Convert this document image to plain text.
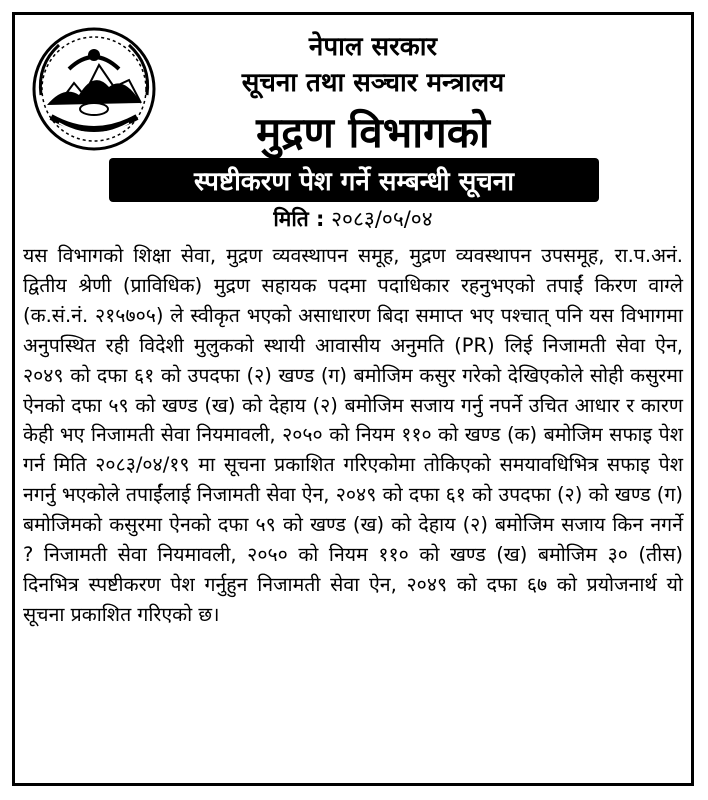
नेपाल सरकार
सूचना तथा सञ्चार मन्त्रालय
मुद्रण विभागको
स्पष्टीकरण पेश गर्ने सम्बन्धी सूचना
मिति : २०८३/०५/०४

यस विभागको शिक्षा सेवा, मुद्रण व्यवस्थापन समूह, मुद्रण व्यवस्थापन उपसमूह, रा.प.अनं. द्वितीय श्रेणी (प्राविधिक) मुद्रण सहायक पदमा पदाधिकार रहनुभएको तपाईं किरण वाग्ले (क.सं.नं. २१५७०५) ले स्वीकृत भएको असाधारण बिदा समाप्त भए पश्चात् पनि यस विभागमा अनुपस्थित रही विदेशी मुलुकको स्थायी आवासीय अनुमति (PR) लिई निजामती सेवा ऐन, २०४९ को दफा ६१ को उपदफा (२) खण्ड (ग) बमोजिम कसुर गरेको देखिएकोले सोही कसुरमा ऐनको दफा ५९ को खण्ड (ख) को देहाय (२) बमोजिम सजाय गर्नु नपर्ने उचित आधार र कारण केही भए निजामती सेवा नियमावली, २०५० को नियम ११० को खण्ड (क) बमोजिम सफाइ पेश गर्न मिति २०८३/०४/१९ मा सूचना प्रकाशित गरिएकोमा तोकिएको समयावधिभित्र सफाइ पेश नगर्नु भएकोले तपाईंलाई निजामती सेवा ऐन, २०४९ को दफा ६१ को उपदफा (२) को खण्ड (ग) बमोजिमको कसुरमा ऐनको दफा ५९ को खण्ड (ख) को देहाय (२) बमोजिम सजाय किन नगर्ने ? निजामती सेवा नियमावली, २०५० को नियम ११० को खण्ड (ख) बमोजिम ३० (तीस) दिनभित्र स्पष्टीकरण पेश गर्नुहुन निजामती सेवा ऐन, २०४९ को दफा ६७ को प्रयोजनार्थ यो सूचना प्रकाशित गरिएको छ।
